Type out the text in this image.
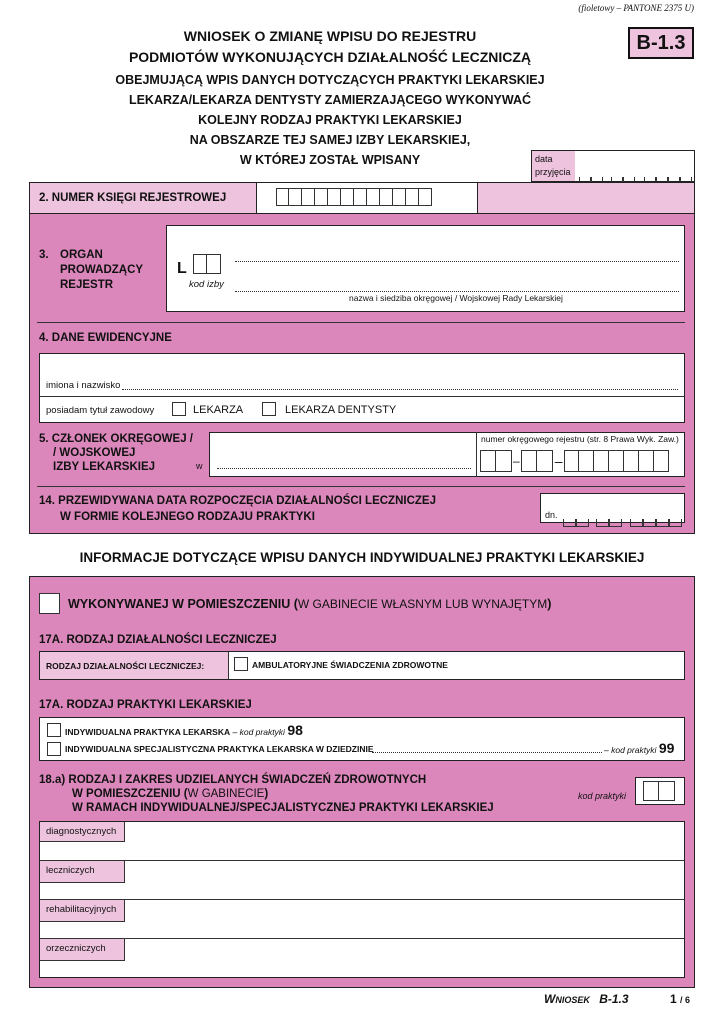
(fioletowy – PANTONE 2375 U)
WNIOSEK O ZMIANĘ WPISU DO REJESTRU
PODMIOTÓW WYKONUJĄCYCH DZIAŁALNOŚĆ LECZNICZĄ
OBEJMUJĄCĄ WPIS DANYCH DOTYCZĄCYCH PRAKTYKI LEKARSKIEJ
LEKARZA/LEKARZA DENTYSTY ZAMIERZAJĄCEGO WYKONYWAĆ
KOLEJNY RODZAJ PRAKTYKI LEKARSKIEJ
NA OBSZARZE TEJ SAMEJ IZBY LEKARSKIEJ,
W KTÓREJ ZOSTAŁ WPISANY
B-1.3
data
przyjęcia

2. NUMER KSIĘGI REJESTROWEJ
3. ORGAN
PROWADZĄCY
REJESTR
L
kod izby
nazwa i siedziba okręgowej / Wojskowej Rady Lekarskiej
4. DANE EWIDENCYJNE
imiona i nazwisko
posiadam tytuł zawodowy	LEKARZA	LEKARZA DENTYSTY
5. CZŁONEK OKRĘGOWEJ /
/ WOJSKOWEJ
IZBY LEKARSKIEJ	w
numer okręgowego rejestru (str. 8 Prawa Wyk. Zaw.)
–	–
14. PRZEWIDYWANA DATA ROZPOCZĘCIA DZIAŁALNOŚCI LECZNICZEJ
W FORMIE KOLEJNEGO RODZAJU PRAKTYKI	dn.

INFORMACJE DOTYCZĄCE WPISU DANYCH INDYWIDUALNEJ PRAKTYKI LEKARSKIEJ
WYKONYWANEJ W POMIESZCZENIU (W GABINECIE WŁASNYM LUB WYNAJĘTYM)
17A. RODZAJ DZIAŁALNOŚCI LECZNICZEJ
RODZAJ DZIAŁALNOŚCI LECZNICZEJ:	AMBULATORYJNE ŚWIADCZENIA ZDROWOTNE
17A. RODZAJ PRAKTYKI LEKARSKIEJ
INDYWIDUALNA PRAKTYKA LEKARSKA – kod praktyki 98
INDYWIDUALNA SPECJALISTYCZNA PRAKTYKA LEKARSKA W DZIEDZINIE	– kod praktyki 99
18.a) RODZAJ I ZAKRES UDZIELANYCH ŚWIADCZEŃ ZDROWOTNYCH
W POMIESZCZENIU (W GABINECIE)
W RAMACH INDYWIDUALNEJ/SPECJALISTYCZNEJ PRAKTYKI LEKARSKIEJ
kod praktyki
diagnostycznych
leczniczych
rehabilitacyjnych
orzeczniczych
WNIOSEK B-1.3	1 / 6
